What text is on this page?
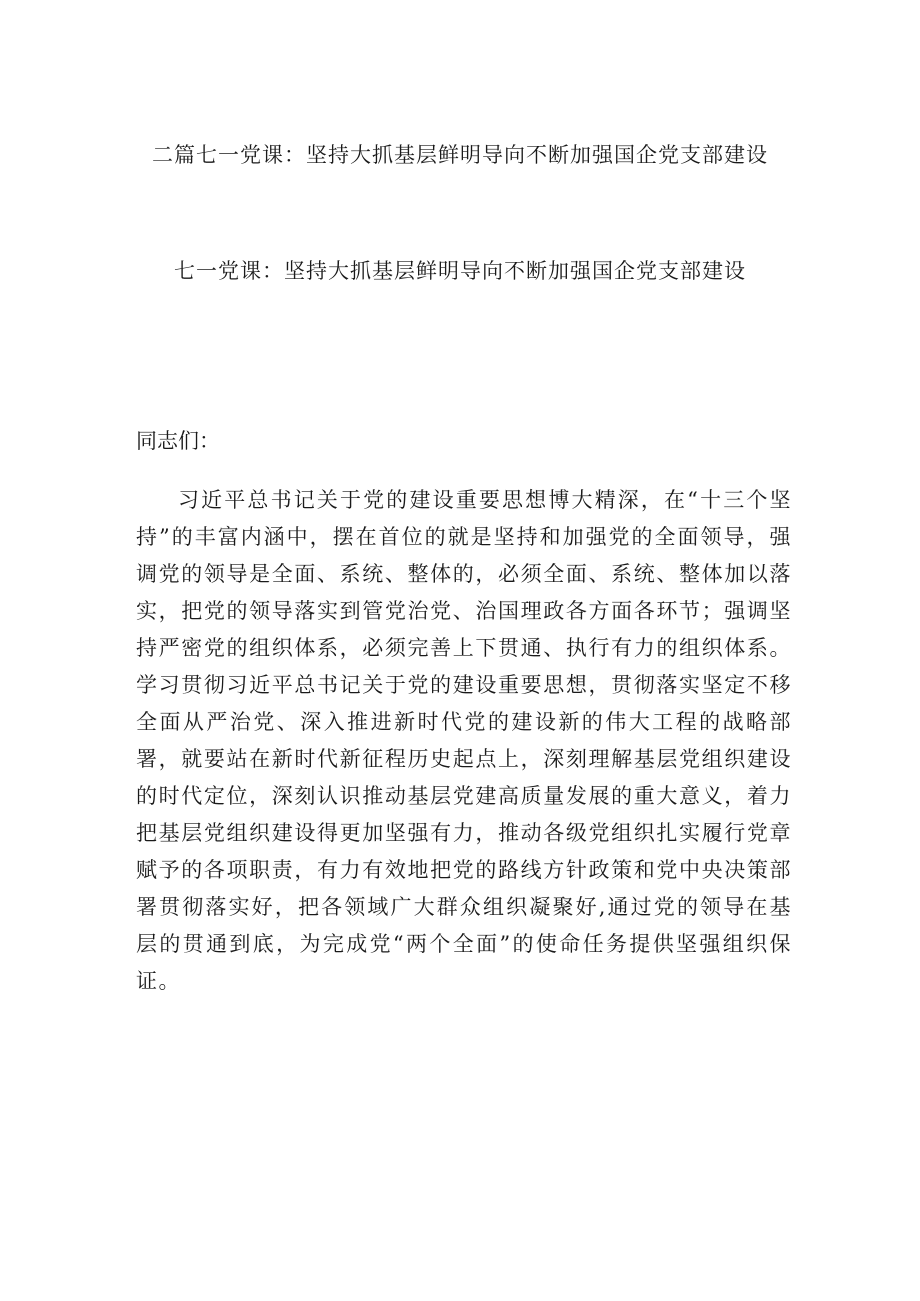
二篇七一党课：坚持大抓基层鲜明导向不断加强国企党支部建设
七一党课：坚持大抓基层鲜明导向不断加强国企党支部建设

同志们：

习近平总书记关于党的建设重要思想博大精深，在“十三个坚持”的丰富内涵中，摆在首位的就是坚持和加强党的全面领导，强调党的领导是全面、系统、整体的，必须全面、系统、整体加以落实，把党的领导落实到管党治党、治国理政各方面各环节；强调坚持严密党的组织体系，必须完善上下贯通、执行有力的组织体系。学习贯彻习近平总书记关于党的建设重要思想，贯彻落实坚定不移全面从严治党、深入推进新时代党的建设新的伟大工程的战略部署，就要站在新时代新征程历史起点上，深刻理解基层党组织建设的时代定位，深刻认识推动基层党建高质量发展的重大意义，着力把基层党组织建设得更加坚强有力，推动各级党组织扎实履行党章赋予的各项职责，有力有效地把党的路线方针政策和党中央决策部署贯彻落实好，把各领域广大群众组织凝聚好,通过党的领导在基层的贯通到底，为完成党“两个全面”的使命任务提供坚强组织保证。
